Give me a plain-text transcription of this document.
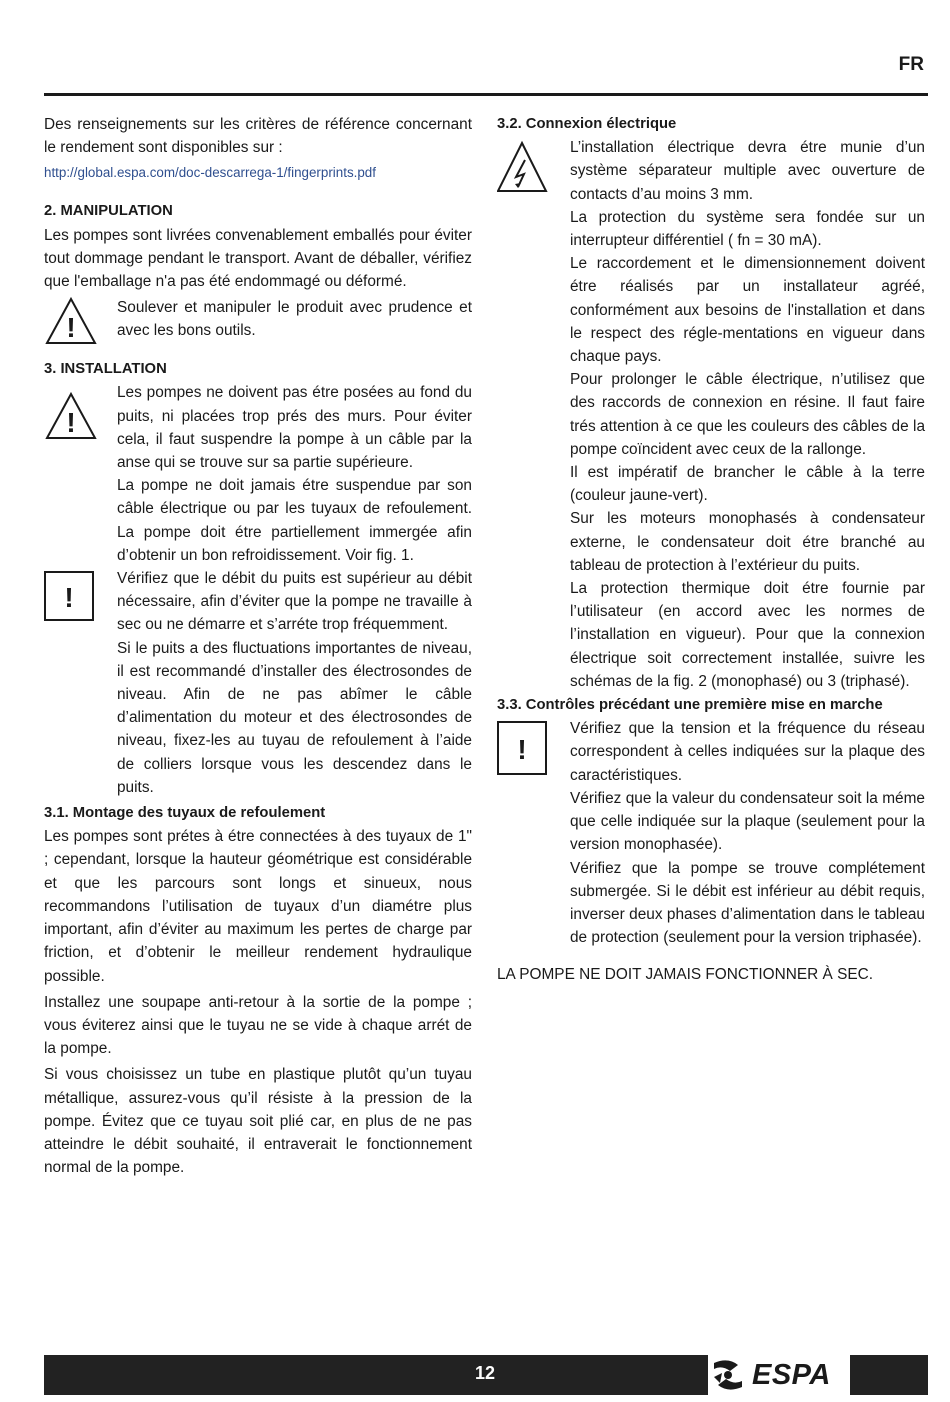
FR

Des renseignements sur les critères de référence concernant le rendement sont disponibles sur :

http://global.espa.com/doc-descarrega-1/fingerprints.pdf

2. MANIPULATION

Les pompes sont livrées convenablement emballés pour éviter tout dommage pendant le transport. Avant de déballer, vérifiez que l'emballage n'a pas été endommagé ou déformé.

!

Soulever et manipuler le produit avec prudence et avec les bons outils.

3. INSTALLATION

!

Les pompes ne doivent pas étre posées au fond du puits, ni placées trop prés des murs. Pour éviter cela, il faut suspendre la pompe à un câble par la anse qui se trouve sur sa partie supérieure.

La pompe ne doit jamais étre suspendue par son câble électrique ou par les tuyaux de refoulement. La pompe doit étre partiellement immergée afin d’obtenir un bon refroidissement. Voir fig. 1.

!

Vérifiez que le débit du puits est supérieur au débit nécessaire, afin d’éviter que la pompe ne travaille à sec ou ne démarre et s’arréte trop fréquemment.

Si le puits a des fluctuations importantes de niveau, il est recommandé d’installer des électrosondes de niveau. Afin de ne pas abîmer le câble d’alimentation du moteur et des électrosondes de niveau, fixez-les au tuyau de refoulement à l’aide de colliers lorsque vous les descendez dans le puits.

3.1. Montage des tuyaux de refoulement

Les pompes sont prétes à étre connectées à des tuyaux de 1" ; cependant, lorsque la hauteur géométrique est considérable et que les parcours sont longs et sinueux, nous recommandons l’utilisation de tuyaux d’un diamétre plus important, afin d’éviter au maximum les pertes de charge par friction, et d’obtenir le meilleur rendement hydraulique possible.

Installez une soupape anti-retour à la sortie de la pompe ; vous éviterez ainsi que le tuyau ne se vide à chaque arrét de la pompe.

Si vous choisissez un tube en plastique plutôt qu’un tuyau métallique, assurez-vous qu’il résiste à la pression de la pompe. Évitez que ce tuyau soit plié car, en plus de ne pas atteindre le débit souhaité, il entraverait le fonctionnement normal de la pompe.

3.2. Connexion électrique

L’installation électrique devra étre munie d’un système séparateur multiple avec ouverture de contacts d’au moins 3 mm.

La protection du système sera fondée sur un interrupteur différentiel ( fn = 30 mA).

Le raccordement et le dimensionnement doivent étre réalisés par un installateur agréé, conformément aux besoins de l'installation et dans le respect des régle-mentations en vigueur dans chaque pays.

Pour prolonger le câble électrique, n’utilisez que des raccords de connexion en résine. Il faut faire trés attention à ce que les couleurs des câbles de la pompe coïncident avec ceux de la rallonge.

Il est impératif de brancher le câble à la terre (couleur jaune-vert).

Sur les moteurs monophasés à condensateur externe, le condensateur doit étre branché au tableau de protection à l’extérieur du puits.

La protection thermique doit étre fournie par l’utilisateur (en accord avec les normes de l’installation en vigueur). Pour que la connexion électrique soit correctement installée, suivre les schémas de la fig. 2 (monophasé) ou 3 (triphasé).

3.3. Contrôles précédant une première mise en marche

!

Vérifiez que la tension et la fréquence du réseau correspondent à celles indiquées sur la plaque des caractéristiques.

Vérifiez que la valeur du condensateur soit la méme que celle indiquée sur la plaque (seulement pour la version monophasée).

Vérifiez que la pompe se trouve complétement submergée. Si le débit est inférieur au débit requis, inverser deux phases d’alimentation dans le tableau de protection (seulement pour la version triphasée).

LA POMPE NE DOIT JAMAIS FONCTIONNER À SEC.

12	ESPA
